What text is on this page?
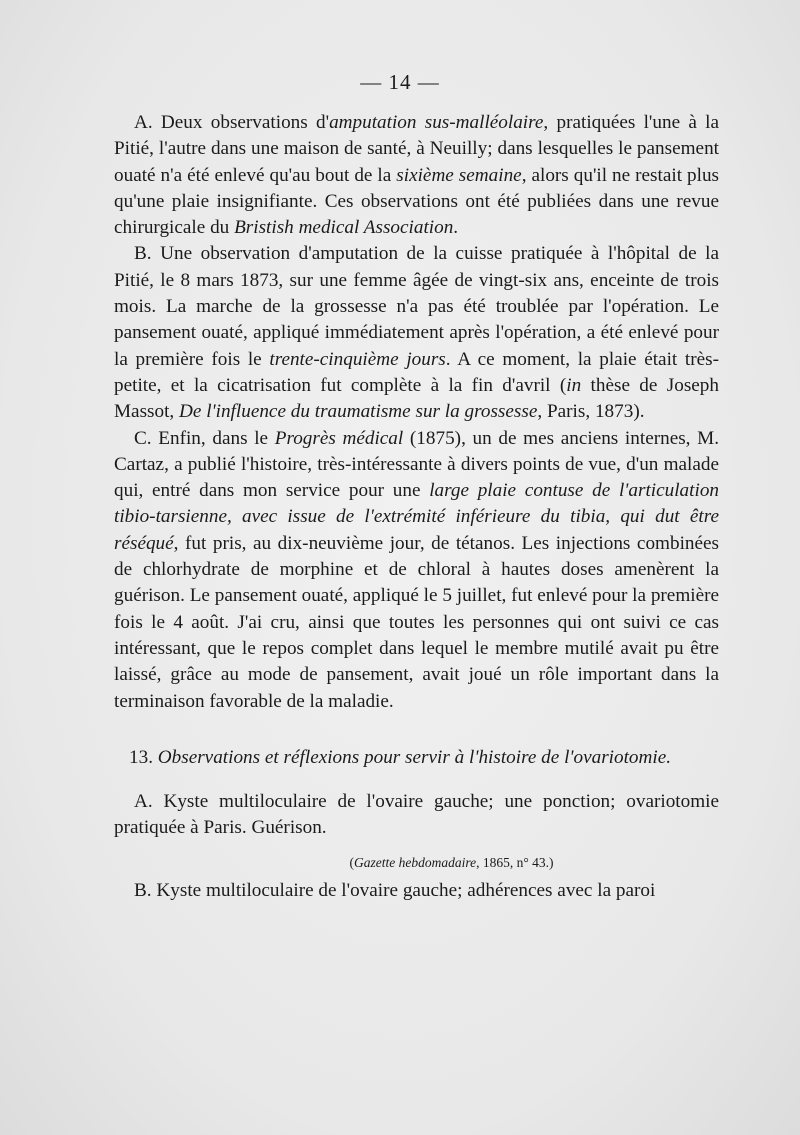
— 14 —

A. Deux observations d'amputation sus-malléolaire, pratiquées l'une à la Pitié, l'autre dans une maison de santé, à Neuilly; dans lesquelles le pansement ouaté n'a été enlevé qu'au bout de la sixième semaine, alors qu'il ne restait plus qu'une plaie insignifiante. Ces observations ont été publiées dans une revue chirurgicale du Bristish medical Association.

B. Une observation d'amputation de la cuisse pratiquée à l'hôpital de la Pitié, le 8 mars 1873, sur une femme âgée de vingt-six ans, enceinte de trois mois. La marche de la grossesse n'a pas été troublée par l'opération. Le pansement ouaté, appliqué immédiatement après l'opération, a été enlevé pour la première fois le trente-cinquième jours. A ce moment, la plaie était très-petite, et la cicatrisation fut complète à la fin d'avril (in thèse de Joseph Massot, De l'influence du traumatisme sur la grossesse, Paris, 1873).

C. Enfin, dans le Progrès médical (1875), un de mes anciens internes, M. Cartaz, a publié l'histoire, très-intéressante à divers points de vue, d'un malade qui, entré dans mon service pour une large plaie contuse de l'articulation tibio-tarsienne, avec issue de l'extrémité inférieure du tibia, qui dut être réséqué, fut pris, au dix-neuvième jour, de tétanos. Les injections combinées de chlorhydrate de morphine et de chloral à hautes doses amenèrent la guérison. Le pansement ouaté, appliqué le 5 juillet, fut enlevé pour la première fois le 4 août. J'ai cru, ainsi que toutes les personnes qui ont suivi ce cas intéressant, que le repos complet dans lequel le membre mutilé avait pu être laissé, grâce au mode de pansement, avait joué un rôle important dans la terminaison favorable de la maladie.

13. Observations et réflexions pour servir à l'histoire de l'ovariotomie.

A. Kyste multiloculaire de l'ovaire gauche; une ponction; ovariotomie pratiquée à Paris. Guérison.

(Gazette hebdomadaire, 1865, n° 43.)

B. Kyste multiloculaire de l'ovaire gauche; adhérences avec la paroi
